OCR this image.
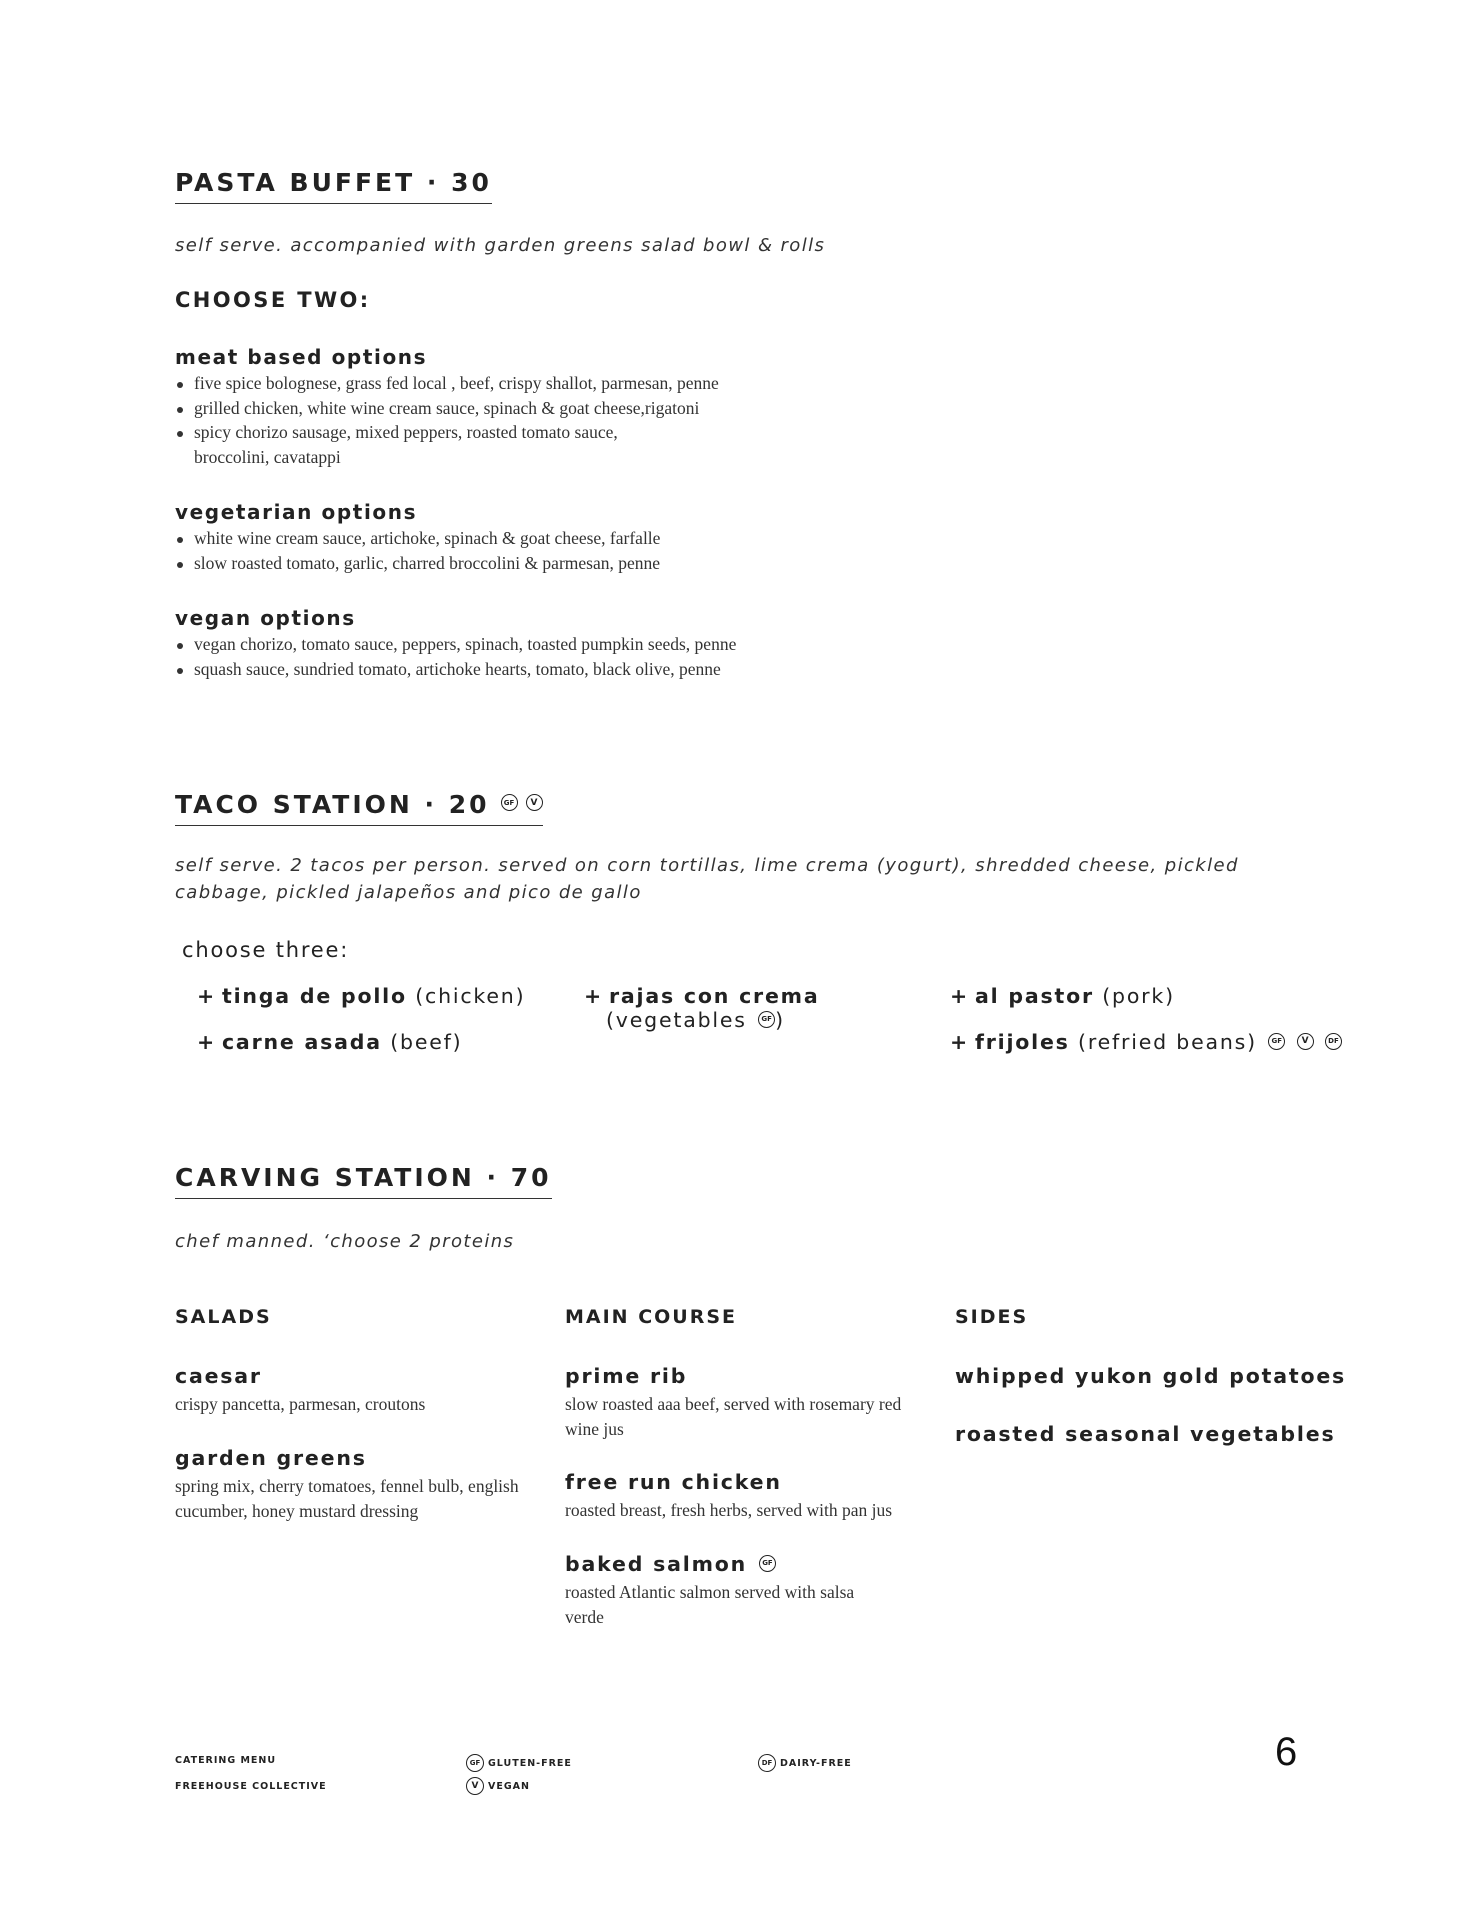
PASTA BUFFET · 30
self serve. accompanied with garden greens salad bowl & rolls
CHOOSE TWO:
meat based options
five spice bolognese, grass fed local , beef, crispy shallot, parmesan, penne
grilled chicken, white wine cream sauce, spinach & goat cheese,rigatoni
spicy chorizo sausage, mixed peppers, roasted tomato sauce, broccolini, cavatappi
vegetarian options
white wine cream sauce, artichoke, spinach & goat cheese, farfalle
slow roasted tomato, garlic, charred broccolini & parmesan, penne
vegan options
vegan chorizo, tomato sauce, peppers, spinach, toasted pumpkin seeds, penne
squash sauce, sundried tomato, artichoke hearts, tomato, black olive, penne
TACO STATION · 20	GF	V
self serve. 2 tacos per person. served on corn tortillas, lime crema (yogurt), shredded cheese, pickled cabbage, pickled jalapeños and pico de gallo
choose three:
+ tinga de pollo (chicken)
+ carne asada (beef)
+ rajas con crema
(vegetables GF )
+ al pastor (pork)
+ frijoles (refried beans) GF V	DF
CARVING STATION · 70
chef manned. ‘choose 2 proteins
SALADS
caesar
crispy pancetta, parmesan, croutons
garden greens
spring mix, cherry tomatoes, fennel bulb, english cucumber, honey mustard dressing
MAIN COURSE
prime rib
slow roasted aaa beef, served with rosemary red wine jus
free run chicken
roasted breast, fresh herbs, served with pan jus
baked salmon GF
roasted Atlantic salmon served with salsa verde
SIDES
whipped yukon gold potatoes
roasted seasonal vegetables
CATERING MENU
FREEHOUSE COLLECTIVE
GF GLUTEN-FREE
V	VEGAN
DF DAIRY-FREE	6
